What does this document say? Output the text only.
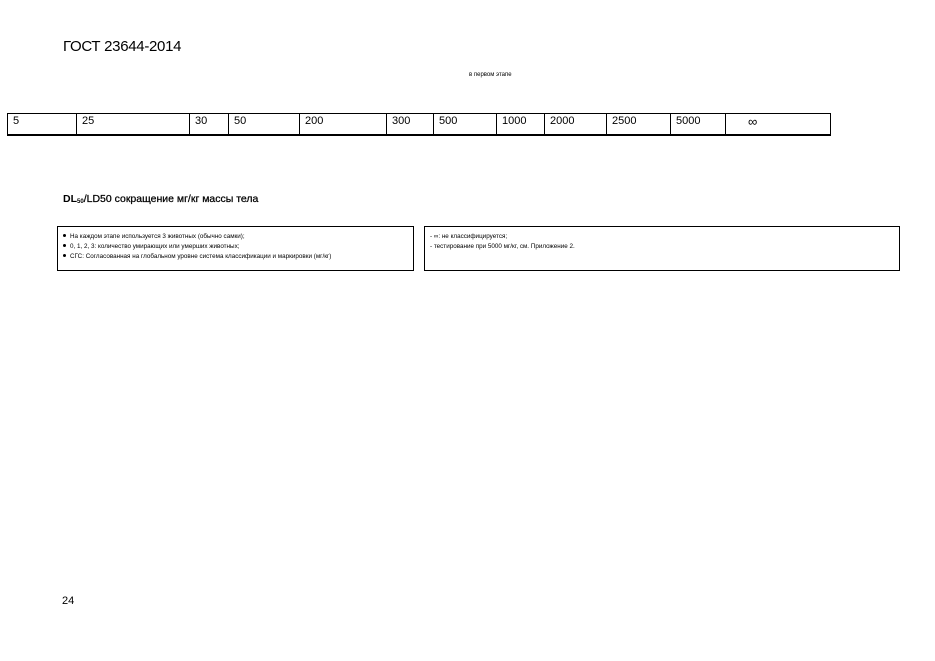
ГОСТ 23644-2014
в первом этапе
5	25	30	50	200	300	500	1000	2000	2500	5000	∞
$DL_{50}/LD50$ сокращение мг/кг массы тела
На каждом этапе используется 3 животных (обычно самки);
0, 1, 2, 3: количество умирающих или умерших животных;
СГС: Согласованная на глобальном уровне система классификации и маркировки (мг/кг)
- ∞: не классифицируется;
- тестирование при 5000 мг/кг, см. Приложение 2.
24
